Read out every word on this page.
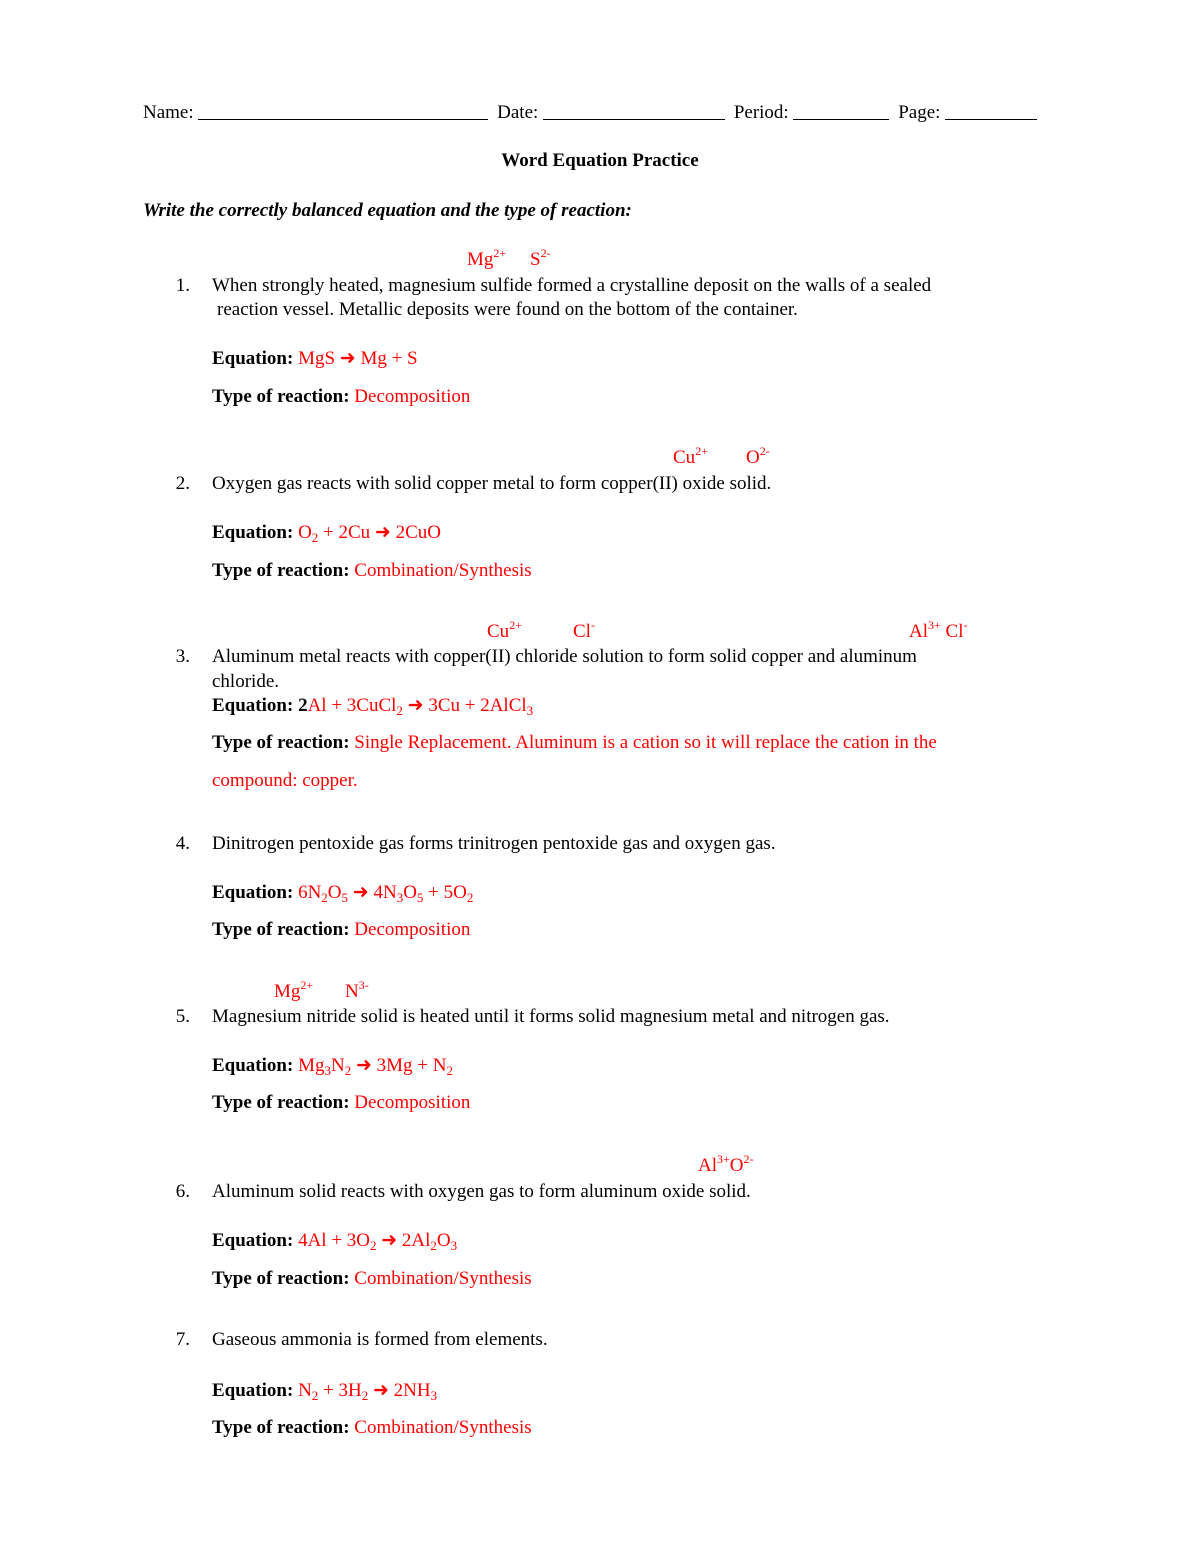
Name:	Date:	Period:	Page:
Word Equation Practice
Write the correctly balanced equation and the type of reaction:
$Mg^{2+}$ $S^{2-}$
1. When strongly heated, magnesium sulfide formed a crystalline deposit on the walls of a sealed
reaction vessel. Metallic deposits were found on the bottom of the container.
Equation: MgS ➜ Mg + S
Type of reaction: Decomposition
$Cu^{2+}$ $O^{2-}$
2. Oxygen gas reacts with solid copper metal to form copper(II) oxide solid.
Equation: $O_2 + 2Cu$ ➜ 2CuO
Type of reaction: Combination/Synthesis
$Cu^{2+}$	Cl-	$Al^{3+}$ Cl-
3. Aluminum metal reacts with copper(II) chloride solution to form solid copper and aluminum
chloride.
Equation: 2Al + 3CuCl$_2$ ➜ 3Cu + 2AlCl$_3$
Type of reaction: Single Replacement. Aluminum is a cation so it will replace the cation in the
compound: copper.
4. Dinitrogen pentoxide gas forms trinitrogen pentoxide gas and oxygen gas.
Equation: $6N_2O_5$ ➜ $4N_3O_5 + 5O_2$
Type of reaction: Decomposition
$Mg^{2+}$ $N^{3-}$
5. Magnesium nitride solid is heated until it forms solid magnesium metal and nitrogen gas.
Equation: $Mg_3N_2$ ➜ $3Mg + N_2$
Type of reaction: Decomposition
$Al^{3+}O^{2-}$
6. Aluminum solid reacts with oxygen gas to form aluminum oxide solid.
Equation: $4Al + 3O_2$ ➜ $2Al_2O_3$
Type of reaction: Combination/Synthesis
7. Gaseous ammonia is formed from elements.
Equation: $N_2 + 3H_2$ ➜ $2NH_3$
Type of reaction: Combination/Synthesis
